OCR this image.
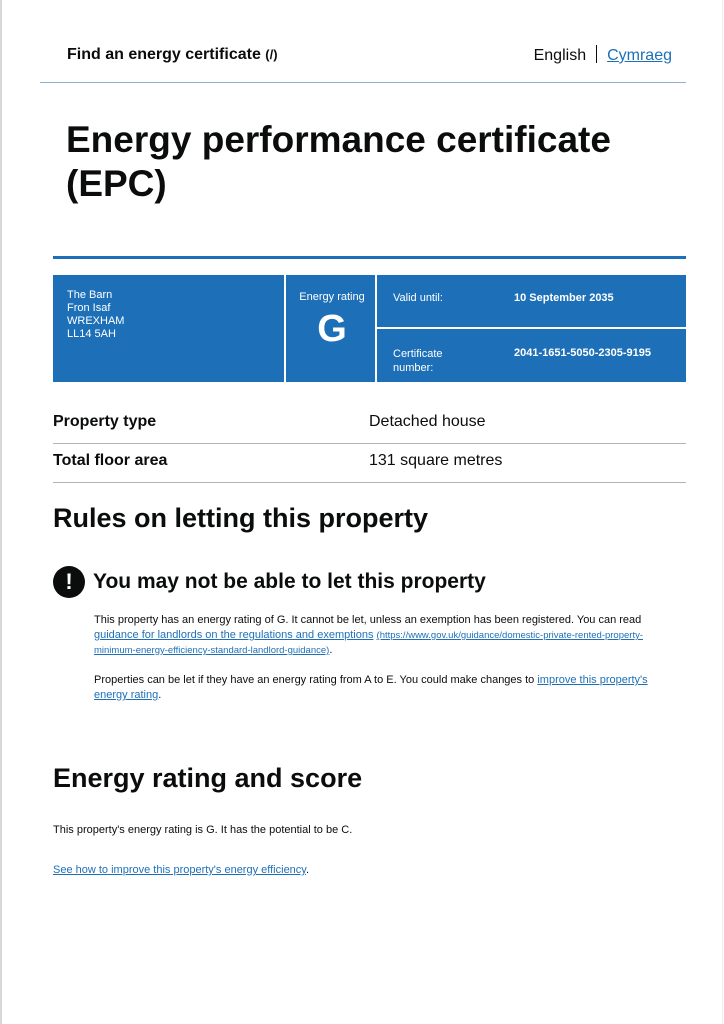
Find an energy certificate (/)	English Cymraeg
Energy performance certificate
(EPC)
The Barn
Fron Isaf
WREXHAM
LL14 5AH
Energy rating
G
Valid until:	10 September 2035
Certificate number:
2041-1651-5050-2305-9195
Property type	Detached house
Total floor area	131 square metres
Rules on letting this property
! You may not be able to let this property

This property has an energy rating of G. It cannot be let, unless an exemption has been registered. You can read guidance for landlords on the regulations and exemptions (https://www.gov.uk/guidance/domestic-private-rented-property-minimum-energy-efficiency-standard-landlord-guidance).

Properties can be let if they have an energy rating from A to E. You could make changes to improve this property's energy rating.

Energy rating and score

This property's energy rating is G. It has the potential to be C.

See how to improve this property's energy efficiency.
